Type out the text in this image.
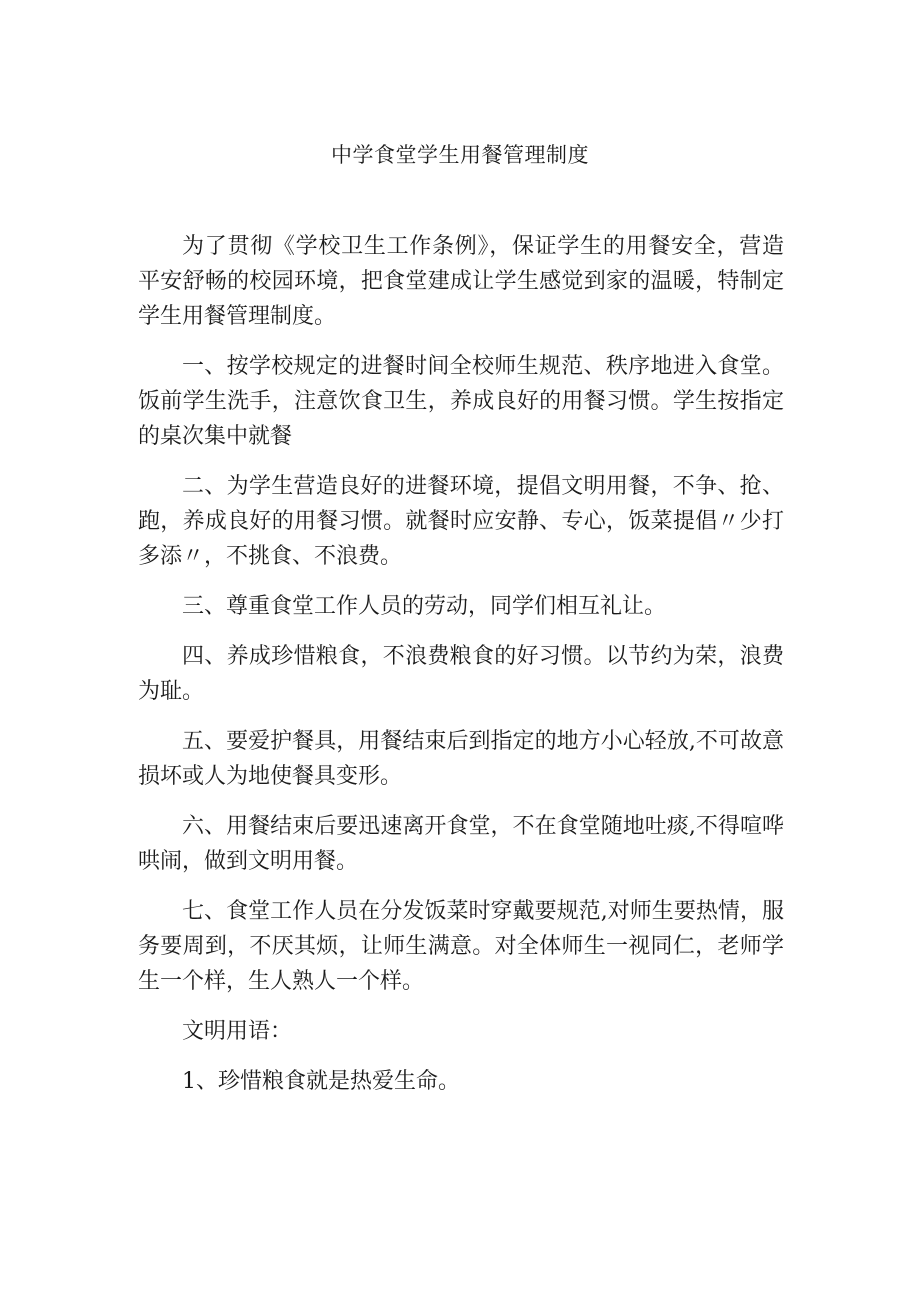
中学食堂学生用餐管理制度

为了贯彻《学校卫生工作条例》，保证学生的用餐安全，营造平安舒畅的校园环境，把食堂建成让学生感觉到家的温暖，特制定学生用餐管理制度。

一、按学校规定的进餐时间全校师生规范、秩序地进入食堂。饭前学生洗手，注意饮食卫生，养成良好的用餐习惯。学生按指定的桌次集中就餐

二、为学生营造良好的进餐环境，提倡文明用餐，不争、抢、跑，养成良好的用餐习惯。就餐时应安静、专心，饭菜提倡〃少打多添〃，不挑食、不浪费。

三、尊重食堂工作人员的劳动，同学们相互礼让。

四、养成珍惜粮食，不浪费粮食的好习惯。以节约为荣，浪费为耻。

五、要爱护餐具，用餐结束后到指定的地方小心轻放,不可故意损坏或人为地使餐具变形。

六、用餐结束后要迅速离开食堂，不在食堂随地吐痰,不得喧哗哄闹，做到文明用餐。

七、食堂工作人员在分发饭菜时穿戴要规范,对师生要热情，服务要周到，不厌其烦，让师生满意。对全体师生一视同仁，老师学生一个样，生人熟人一个样。

文明用语：

1、珍惜粮食就是热爱生命。
